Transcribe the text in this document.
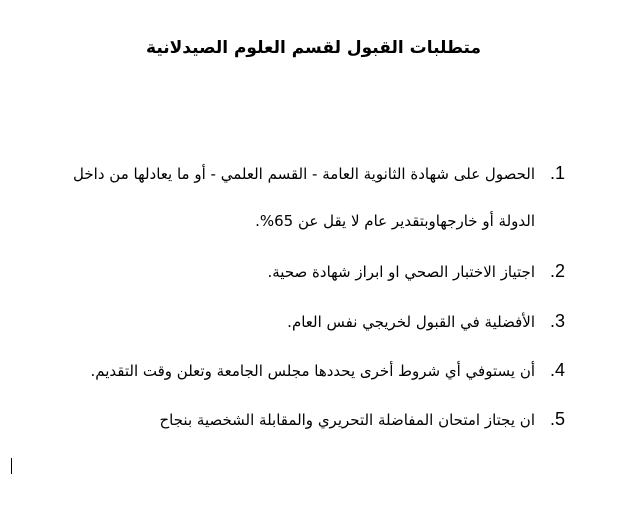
متطلبات القبول لقسم العلوم الصيدلانية
1.
الحصول على شهادة الثانوية العامة - القسم العلمي - أو ما يعادلها من داخل
الدولة أو خارجهاوبتقدير عام لا يقل عن 65%.
2.
اجتياز الاختبار الصحي او ابراز شهادة صحية.
3.
الأفضلية في القبول لخريجي نفس العام.
4.
أن يستوفي أي شروط أخرى يحددها مجلس الجامعة وتعلن وقت التقديم.
5.
ان يجتاز امتحان المفاضلة التحريري والمقابلة الشخصية بنجاح
